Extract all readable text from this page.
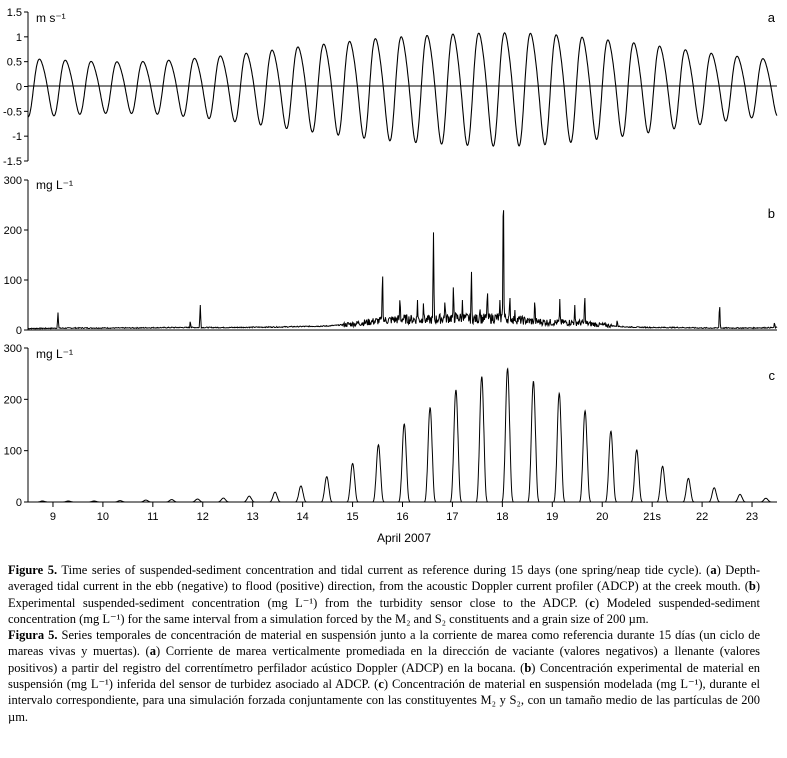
1.5
1
0.5
0
-0.5
-1
-1.5
m s⁻¹	a
300
200
100
0
mg L⁻¹
b
300
200
100
0
9	10	11	12	13	14	15	16	17	18	19	20	21s	22	23
mg L⁻¹
c
April 2007

Figure 5. Time series of suspended-sediment concentration and tidal current as reference during 15 days (one spring/neap tide cycle). (a) Depth-averaged tidal current in the ebb (negative) to flood (positive) direction, from the acoustic Doppler current profiler (ADCP) at the creek mouth. (b) Experimental suspended-sediment concentration (mg L⁻¹) from the turbidity sensor close to the ADCP. (c) Modeled suspended-sediment concentration (mg L⁻¹) for the same interval from a simulation forced by the M₂ and S₂ constituents and a grain size of 200 µm.

Figura 5. Series temporales de concentración de material en suspensión junto a la corriente de marea como referencia durante 15 días (un ciclo de mareas vivas y muertas). (a) Corriente de marea verticalmente promediada en la dirección de vaciante (valores negativos) a llenante (valores positivos) a partir del registro del correntímetro perfilador acústico Doppler (ADCP) en la bocana. (b) Concentración experimental de material en suspensión (mg L⁻¹) inferida del sensor de turbidez asociado al ADCP. (c) Concentración de material en suspensión modelada (mg L⁻¹), durante el intervalo correspondiente, para una simulación forzada conjuntamente con las constituyentes M₂ y S₂, con un tamaño medio de las partículas de 200 µm.
